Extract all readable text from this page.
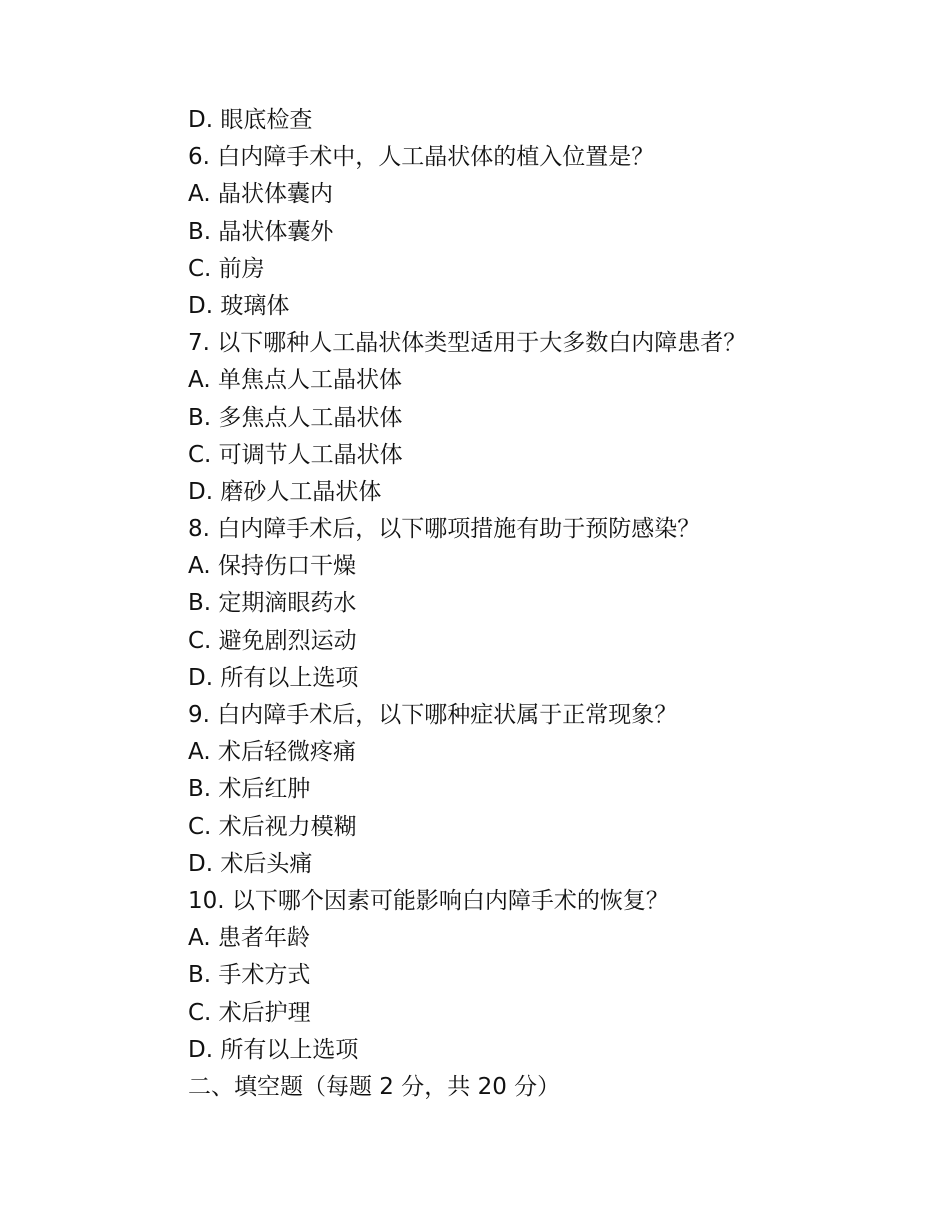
D. 眼底检查
6. 白内障手术中，人工晶状体的植入位置是？
A. 晶状体囊内
B. 晶状体囊外
C. 前房
D. 玻璃体
7. 以下哪种人工晶状体类型适用于大多数白内障患者？
A. 单焦点人工晶状体
B. 多焦点人工晶状体
C. 可调节人工晶状体
D. 磨砂人工晶状体
8. 白内障手术后，以下哪项措施有助于预防感染？
A. 保持伤口干燥
B. 定期滴眼药水
C. 避免剧烈运动
D. 所有以上选项
9. 白内障手术后，以下哪种症状属于正常现象？
A. 术后轻微疼痛
B. 术后红肿
C. 术后视力模糊
D. 术后头痛
10. 以下哪个因素可能影响白内障手术的恢复？
A. 患者年龄
B. 手术方式
C. 术后护理
D. 所有以上选项
二、填空题（每题 2 分，共 20 分）
